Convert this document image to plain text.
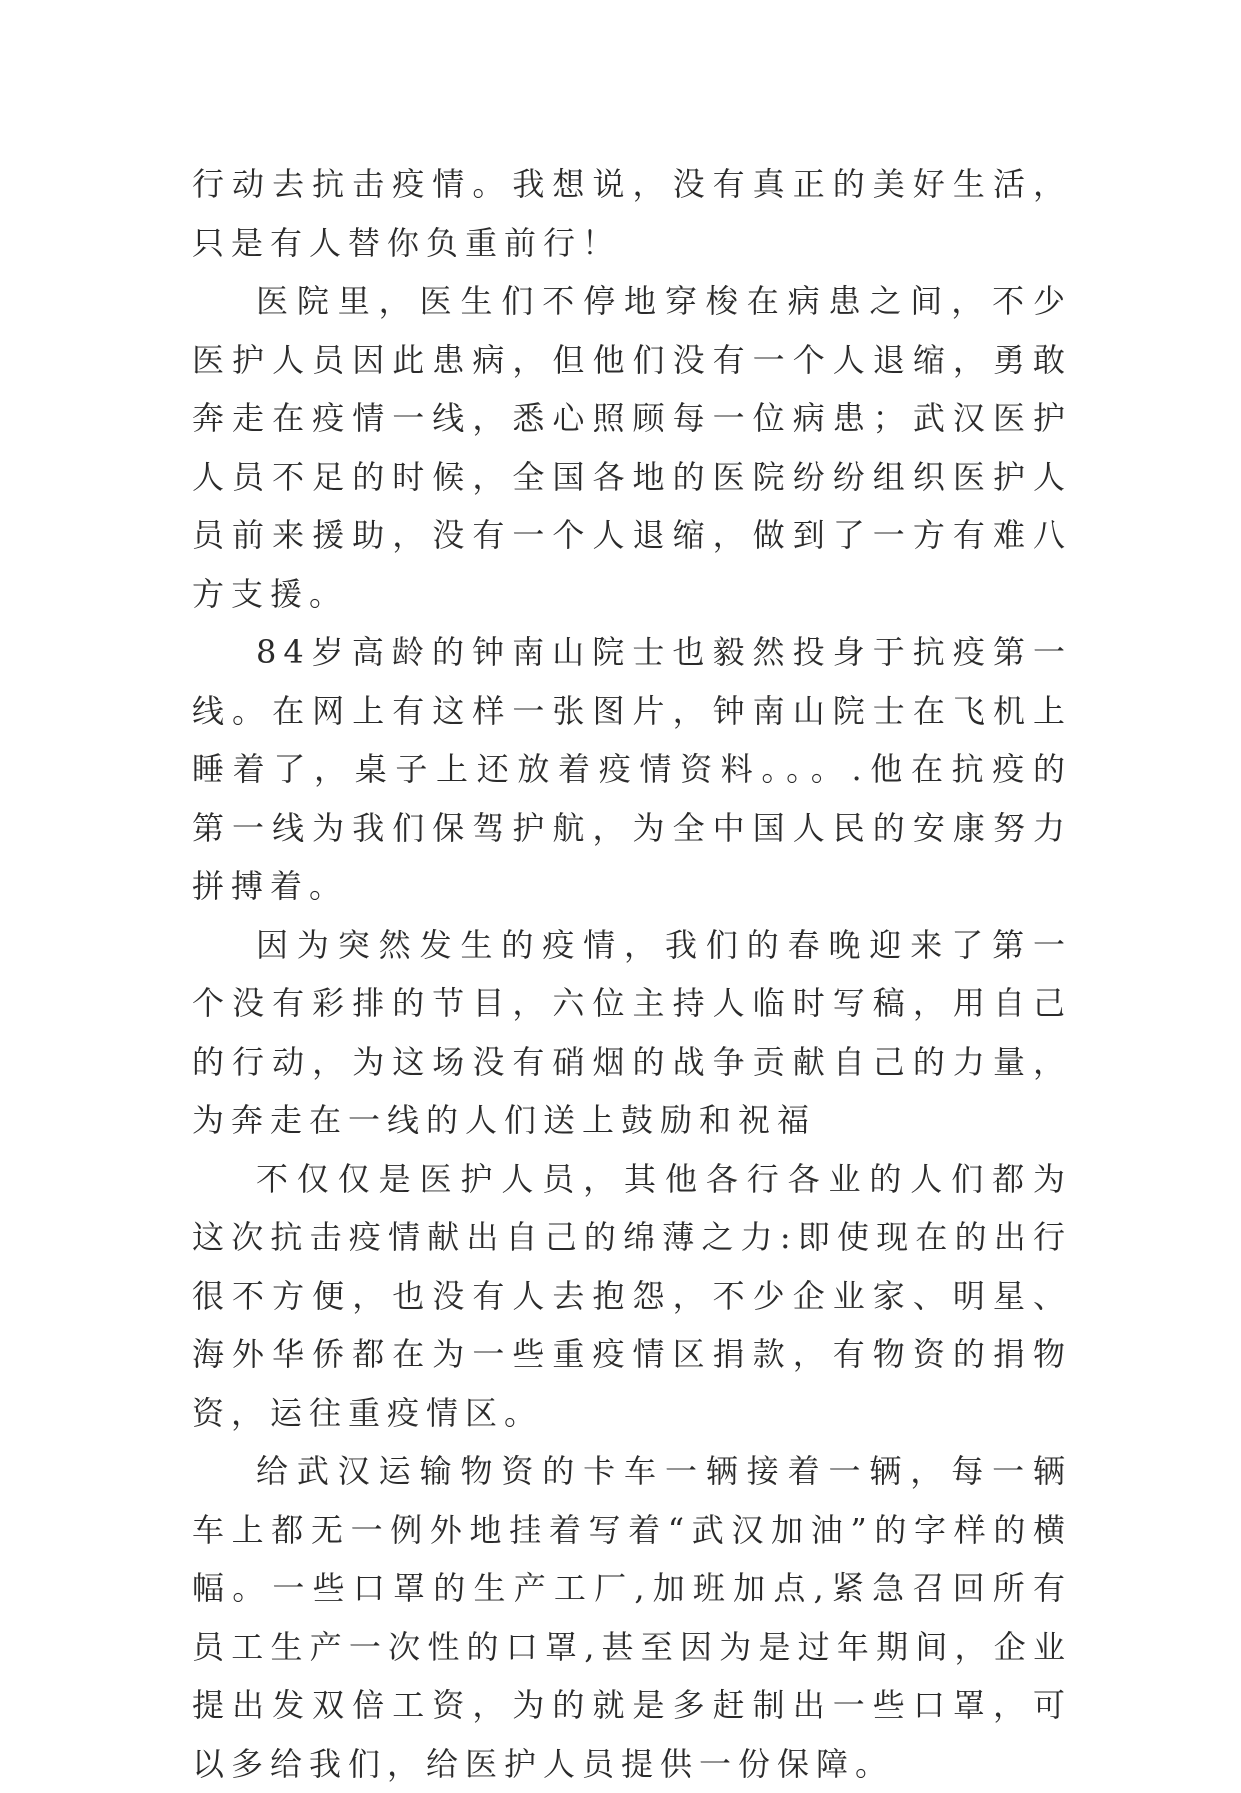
行动去抗击疫情。我想说，没有真正的美好生活，只是有人替你负重前行！

医院里，医生们不停地穿梭在病患之间，不少医护人员因此患病，但他们没有一个人退缩，勇敢奔走在疫情一线，悉心照顾每一位病患；武汉医护人员不足的时候，全国各地的医院纷纷组织医护人员前来援助，没有一个人退缩，做到了一方有难八方支援。

84岁高龄的钟南山院士也毅然投身于抗疫第一线。在网上有这样一张图片，钟南山院士在飞机上睡着了，桌子上还放着疫情资料。。。.他在抗疫的第一线为我们保驾护航，为全中国人民的安康努力拼搏着。

因为突然发生的疫情，我们的春晚迎来了第一个没有彩排的节目，六位主持人临时写稿，用自己的行动，为这场没有硝烟的战争贡献自己的力量，为奔走在一线的人们送上鼓励和祝福

不仅仅是医护人员，其他各行各业的人们都为这次抗击疫情献出自己的绵薄之力:即使现在的出行很不方便，也没有人去抱怨，不少企业家、明星、海外华侨都在为一些重疫情区捐款，有物资的捐物资，运往重疫情区。

给武汉运输物资的卡车一辆接着一辆，每一辆车上都无一例外地挂着写着“武汉加油”的字样的横幅。一些口罩的生产工厂,加班加点,紧急召回所有员工生产一次性的口罩,甚至因为是过年期间，企业提出发双倍工资，为的就是多赶制出一些口罩，可以多给我们，给医护人员提供一份保障。
